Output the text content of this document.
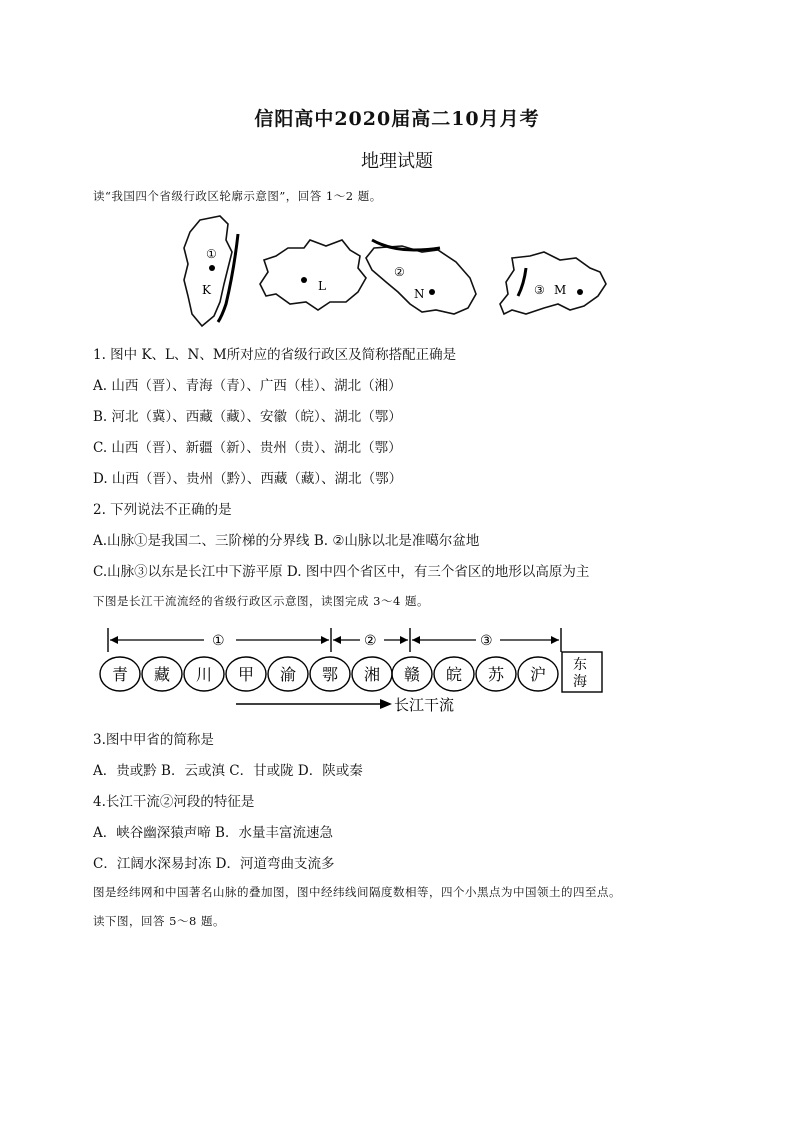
信阳高中2020届高二10月月考
地理试题
读“我国四个省级行政区轮廓示意图”，回答 1～2 题。
①
K	L
②
N	③ M
1. 图中 K、L、N、M所对应的省级行政区及简称搭配正确是
A. 山西（晋）、青海（青）、广西（桂）、湖北（湘）
B. 河北（冀）、西藏（藏）、安徽（皖）、湖北（鄂）
C. 山西（晋）、新疆（新）、贵州（贵）、湖北（鄂）
D. 山西（晋）、贵州（黔）、西藏（藏）、湖北（鄂）
2. 下列说法不正确的是
A.山脉①是我国二、三阶梯的分界线 B. ②山脉以北是准噶尔盆地
C.山脉③以东是长江中下游平原 D. 图中四个省区中，有三个省区的地形以高原为主
下图是长江干流流经的省级行政区示意图，读图完成 3～4 题。
①	②	③
青 藏 川 甲 渝 鄂 湘 赣 皖 苏 沪 东
海
长江干流
3.图中甲省的简称是
A．贵或黔 B．云或滇 C．甘或陇 D．陕或秦
4.长江干流②河段的特征是
A．峡谷幽深猿声啼 B．水量丰富流速急
C．江阔水深易封冻 D．河道弯曲支流多
图是经纬网和中国著名山脉的叠加图，图中经纬线间隔度数相等，四个小黑点为中国领土的四至点。
读下图，回答 5～8 题。
